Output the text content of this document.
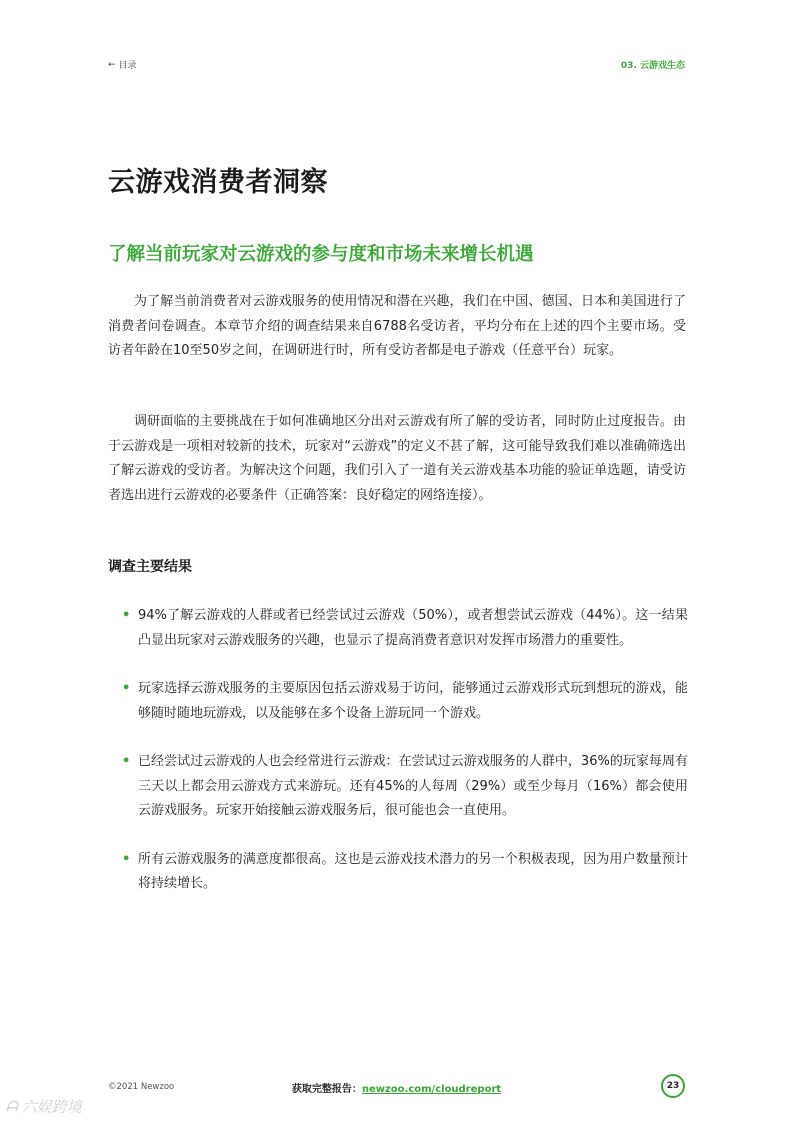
← 目录	03. 云游戏生态
云游戏消费者洞察
了解当前玩家对云游戏的参与度和市场未来增长机遇

为了解当前消费者对云游戏服务的使用情况和潜在兴趣，我们在中国、德国、日本和美国进行了消费者问卷调查。本章节介绍的调查结果来自6788名受访者，平均分布在上述的四个主要市场。受访者年龄在10至50岁之间，在调研进行时，所有受访者都是电子游戏（任意平台）玩家。

调研面临的主要挑战在于如何准确地区分出对云游戏有所了解的受访者，同时防止过度报告。由于云游戏是一项相对较新的技术，玩家对“云游戏”的定义不甚了解，这可能导致我们难以准确筛选出了解云游戏的受访者。为解决这个问题，我们引入了一道有关云游戏基本功能的验证单选题，请受访者选出进行云游戏的必要条件（正确答案：良好稳定的网络连接）。

调查主要结果
• 94%了解云游戏的人群或者已经尝试过云游戏（50%），或者想尝试云游戏（44%）。这一结果凸显出玩家对云游戏服务的兴趣，也显示了提高消费者意识对发挥市场潜力的重要性。
• 玩家选择云游戏服务的主要原因包括云游戏易于访问，能够通过云游戏形式玩到想玩的游戏，能够随时随地玩游戏，以及能够在多个设备上游玩同一个游戏。
• 已经尝试过云游戏的人也会经常进行云游戏：在尝试过云游戏服务的人群中，36%的玩家每周有三天以上都会用云游戏方式来游玩。还有45%的人每周（29%）或至少每月（16%）都会使用云游戏服务。玩家开始接触云游戏服务后，很可能也会一直使用。
• 所有云游戏服务的满意度都很高。这也是云游戏技术潜力的另一个积极表现，因为用户数量预计将持续增长。
©2021 Newzoo	获取完整报告：newzoo.com/cloudreport	23
ᗩ 六娱跨境
